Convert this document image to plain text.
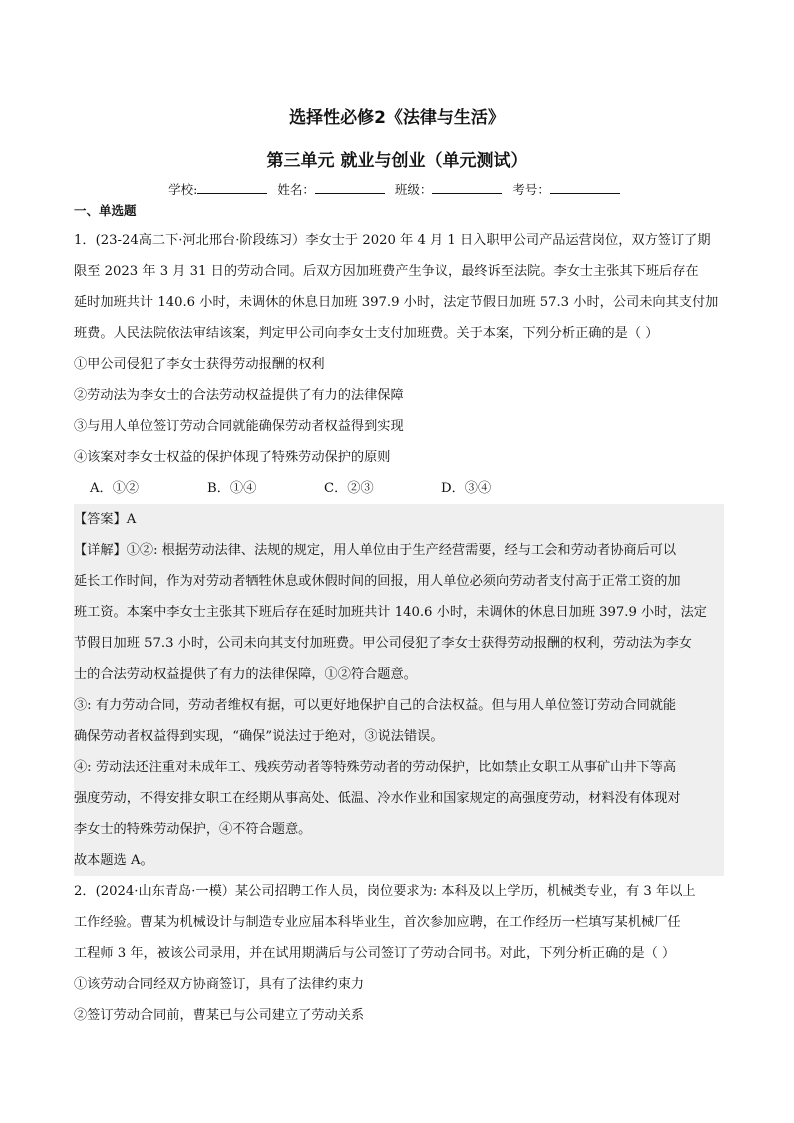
选择性必修2《法律与生活》
第三单元 就业与创业（单元测试）
学校:	姓名：	班级：	考号：
一、单选题
1．(23-24高二下·河北邢台·阶段练习）李女士于 2020 年 4 月 1 日入职甲公司产品运营岗位，双方签订了期
限至 2023 年 3 月 31 日的劳动合同。后双方因加班费产生争议，最终诉至法院。李女士主张其下班后存在
延时加班共计 140.6 小时，未调休的休息日加班 397.9 小时，法定节假日加班 57.3 小时，公司未向其支付加
班费。人民法院依法审结该案，判定甲公司向李女士支付加班费。关于本案，下列分析正确的是（ ）
①甲公司侵犯了李女士获得劳动报酬的权利
②劳动法为李女士的合法劳动权益提供了有力的法律保障
③与用人单位签订劳动合同就能确保劳动者权益得到实现
④该案对李女士权益的保护体现了特殊劳动保护的原则
A．①②	B．①④	C．②③	D．③④
【答案】A
【详解】①②: 根据劳动法律、法规的规定，用人单位由于生产经营需要，经与工会和劳动者协商后可以
延长工作时间，作为对劳动者牺牲休息或休假时间的回报，用人单位必须向劳动者支付高于正常工资的加
班工资。本案中李女士主张其下班后存在延时加班共计 140.6 小时，未调休的休息日加班 397.9 小时，法定
节假日加班 57.3 小时，公司未向其支付加班费。甲公司侵犯了李女士获得劳动报酬的权利，劳动法为李女
士的合法劳动权益提供了有力的法律保障，①②符合题意。
③: 有力劳动合同，劳动者维权有据，可以更好地保护自己的合法权益。但与用人单位签订劳动合同就能
确保劳动者权益得到实现，“确保”说法过于绝对，③说法错误。
④: 劳动法还注重对未成年工、残疾劳动者等特殊劳动者的劳动保护，比如禁止女职工从事矿山井下等高
强度劳动，不得安排女职工在经期从事高处、低温、冷水作业和国家规定的高强度劳动，材料没有体现对
李女士的特殊劳动保护，④不符合题意。
故本题选 A。
2．(2024·山东青岛·一模）某公司招聘工作人员，岗位要求为: 本科及以上学历，机械类专业，有 3 年以上
工作经验。曹某为机械设计与制造专业应届本科毕业生，首次参加应聘，在工作经历一栏填写某机械厂任
工程师 3 年，被该公司录用，并在试用期满后与公司签订了劳动合同书。对此，下列分析正确的是（ ）
①该劳动合同经双方协商签订，具有了法律约束力
②签订劳动合同前，曹某已与公司建立了劳动关系
